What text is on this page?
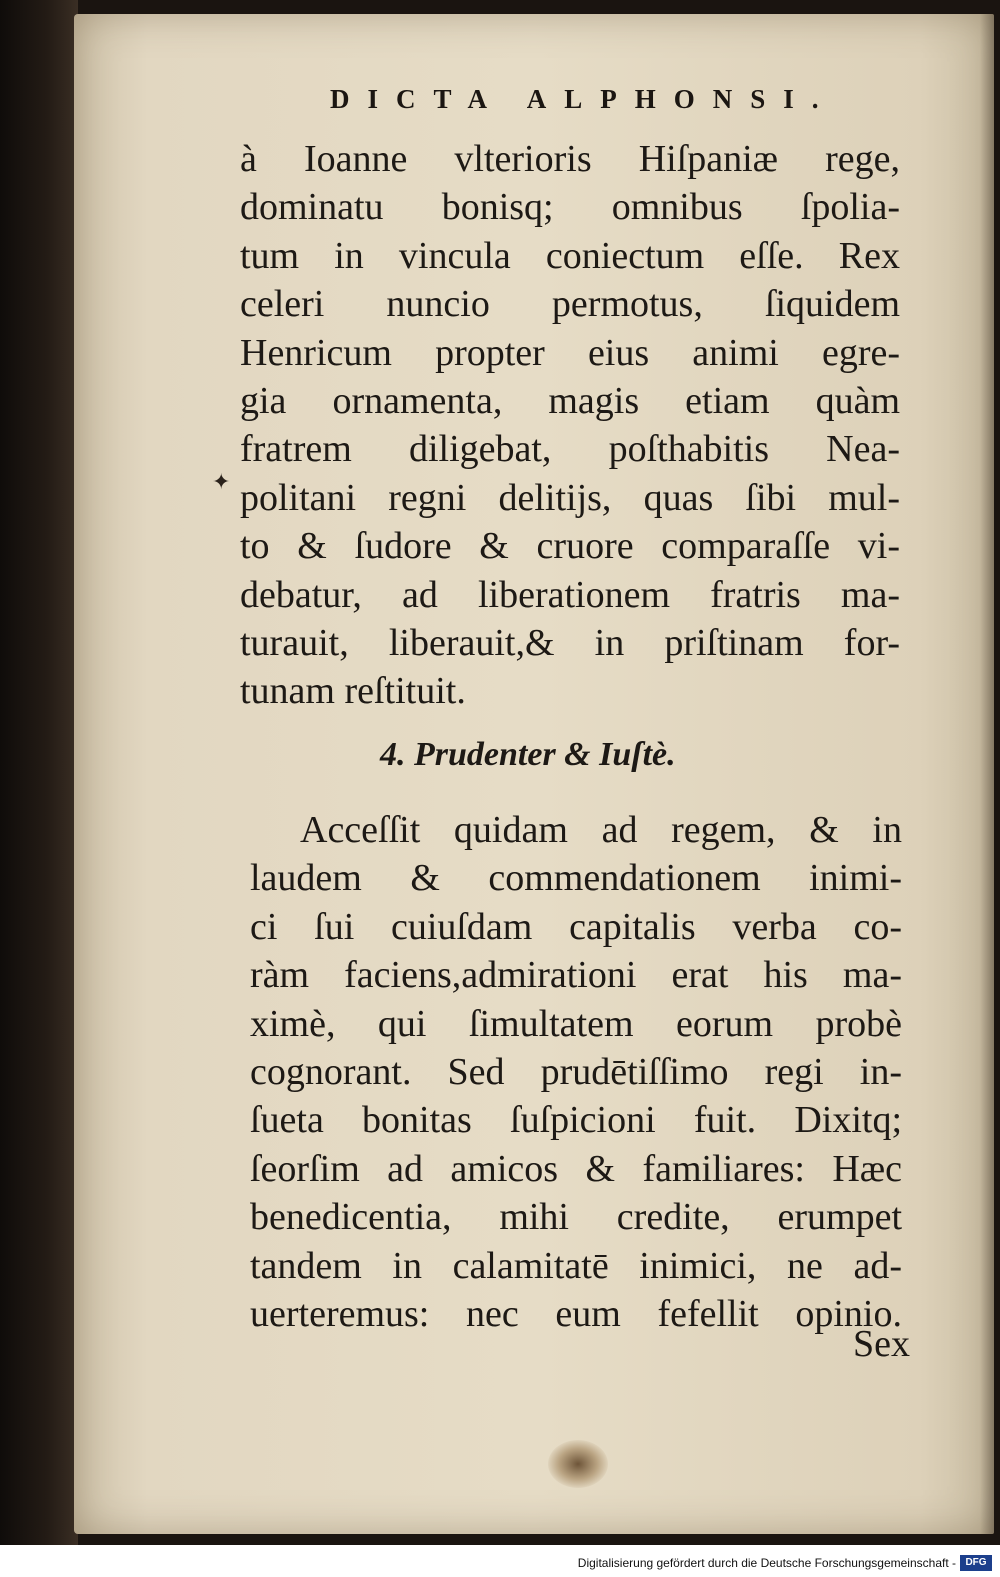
DICTA ALPHONSI.
✦
à Ioanne vlterioris Hiſpaniæ rege,
dominatu bonisq; omnibus ſpolia-
tum in vincula coniectum eſſe. Rex
celeri nuncio permotus, ſiquidem
Henricum propter eius animi egre-
gia ornamenta, magis etiam quàm
fratrem diligebat, poſthabitis Nea-
politani regni delitijs, quas ſibi mul-
to & ſudore & cruore comparaſſe vi-
debatur, ad liberationem fratris ma-
turauit, liberauit,& in priſtinam for-
tunam reſtituit.
4. Prudenter & Iuſtè.
Acceſſit quidam ad regem, & in
laudem & commendationem inimi-
ci ſui cuiuſdam capitalis verba co-
ràm faciens,admirationi erat his ma-
ximè, qui ſimultatem eorum probè
cognorant. Sed prudētiſſimo regi in-
ſueta bonitas ſuſpicioni fuit. Dixitq;
ſeorſim ad amicos & familiares: Hæc
benedicentia, mihi credite, erumpet
tandem in calamitatē inimici, ne ad-
uerteremus: nec eum fefellit opinio.
Sex
Digitalisierung gefördert durch die Deutsche Forschungsgemeinschaft - DFG
